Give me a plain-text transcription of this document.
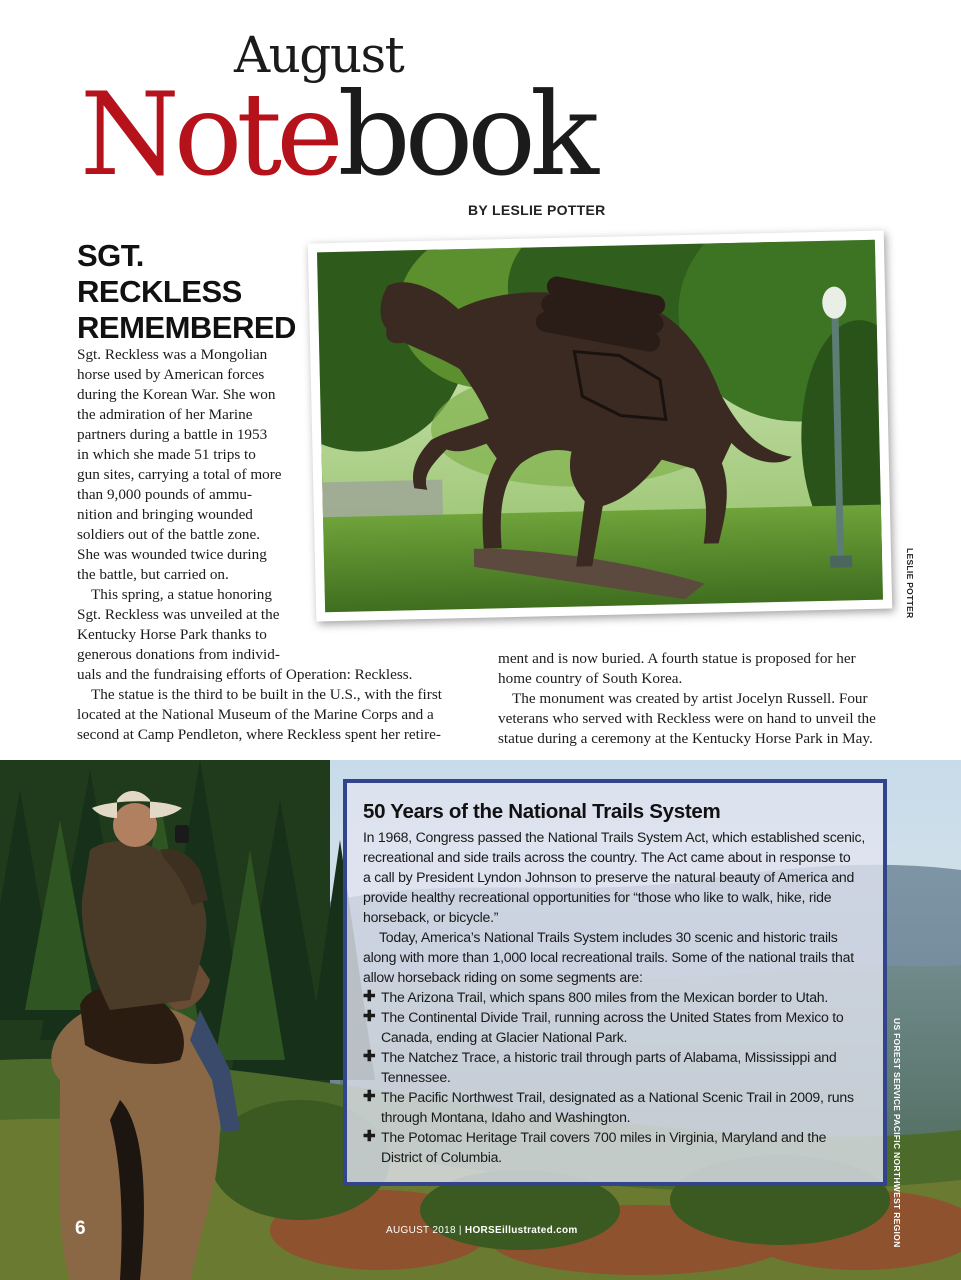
August
Notebook
BY LESLIE POTTER
SGT.
RECKLESS
REMEMBERED
LESLIE POTTER

Sgt. Reckless was a Mongolian
horse used by American forces
during the Korean War. She won
the admiration of her Marine
partners during a battle in 1953
in which she made 51 trips to
gun sites, carrying a total of more
than 9,000 pounds of ammu-
nition and bringing wounded
soldiers out of the battle zone.
She was wounded twice during
the battle, but carried on.

This spring, a statue honoring
Sgt. Reckless was unveiled at the
Kentucky Horse Park thanks to
generous donations from individ-

uals and the fundraising efforts of Operation: Reckless.

The statue is the third to be built in the U.S., with the first
located at the National Museum of the Marine Corps and a
second at Camp Pendleton, where Reckless spent her retire-

ment and is now buried. A fourth statue is proposed for her
home country of South Korea.

The monument was created by artist Jocelyn Russell. Four
veterans who served with Reckless were on hand to unveil the
statue during a ceremony at the Kentucky Horse Park in May.

50 Years of the National Trails System

In 1968, Congress passed the National Trails System Act, which established scenic,
recreational and side trails across the country. The Act came about in response to
a call by President Lyndon Johnson to preserve the natural beauty of America and
provide healthy recreational opportunities for “those who like to walk, hike, ride
horseback, or bicycle.”

Today, America’s National Trails System includes 30 scenic and historic trails
along with more than 1,000 local recreational trails. Some of the national trails that
allow horseback riding on some segments are:

✚ The Arizona Trail, which spans 800 miles from the Mexican border to Utah.
✚ The Continental Divide Trail, running across the United States from Mexico to
Canada, ending at Glacier National Park.
✚ The Natchez Trace, a historic trail through parts of Alabama, Mississippi and
Tennessee.
✚ The Pacific Northwest Trail, designated as a National Scenic Trail in 2009, runs
through Montana, Idaho and Washington.
✚ The Potomac Heritage Trail covers 700 miles in Virginia, Maryland and the
District of Columbia.	US FOREST SERVICE PACIFIC NORTHWEST REGION
6	AUGUST 2018 | HORSEillustrated.com
